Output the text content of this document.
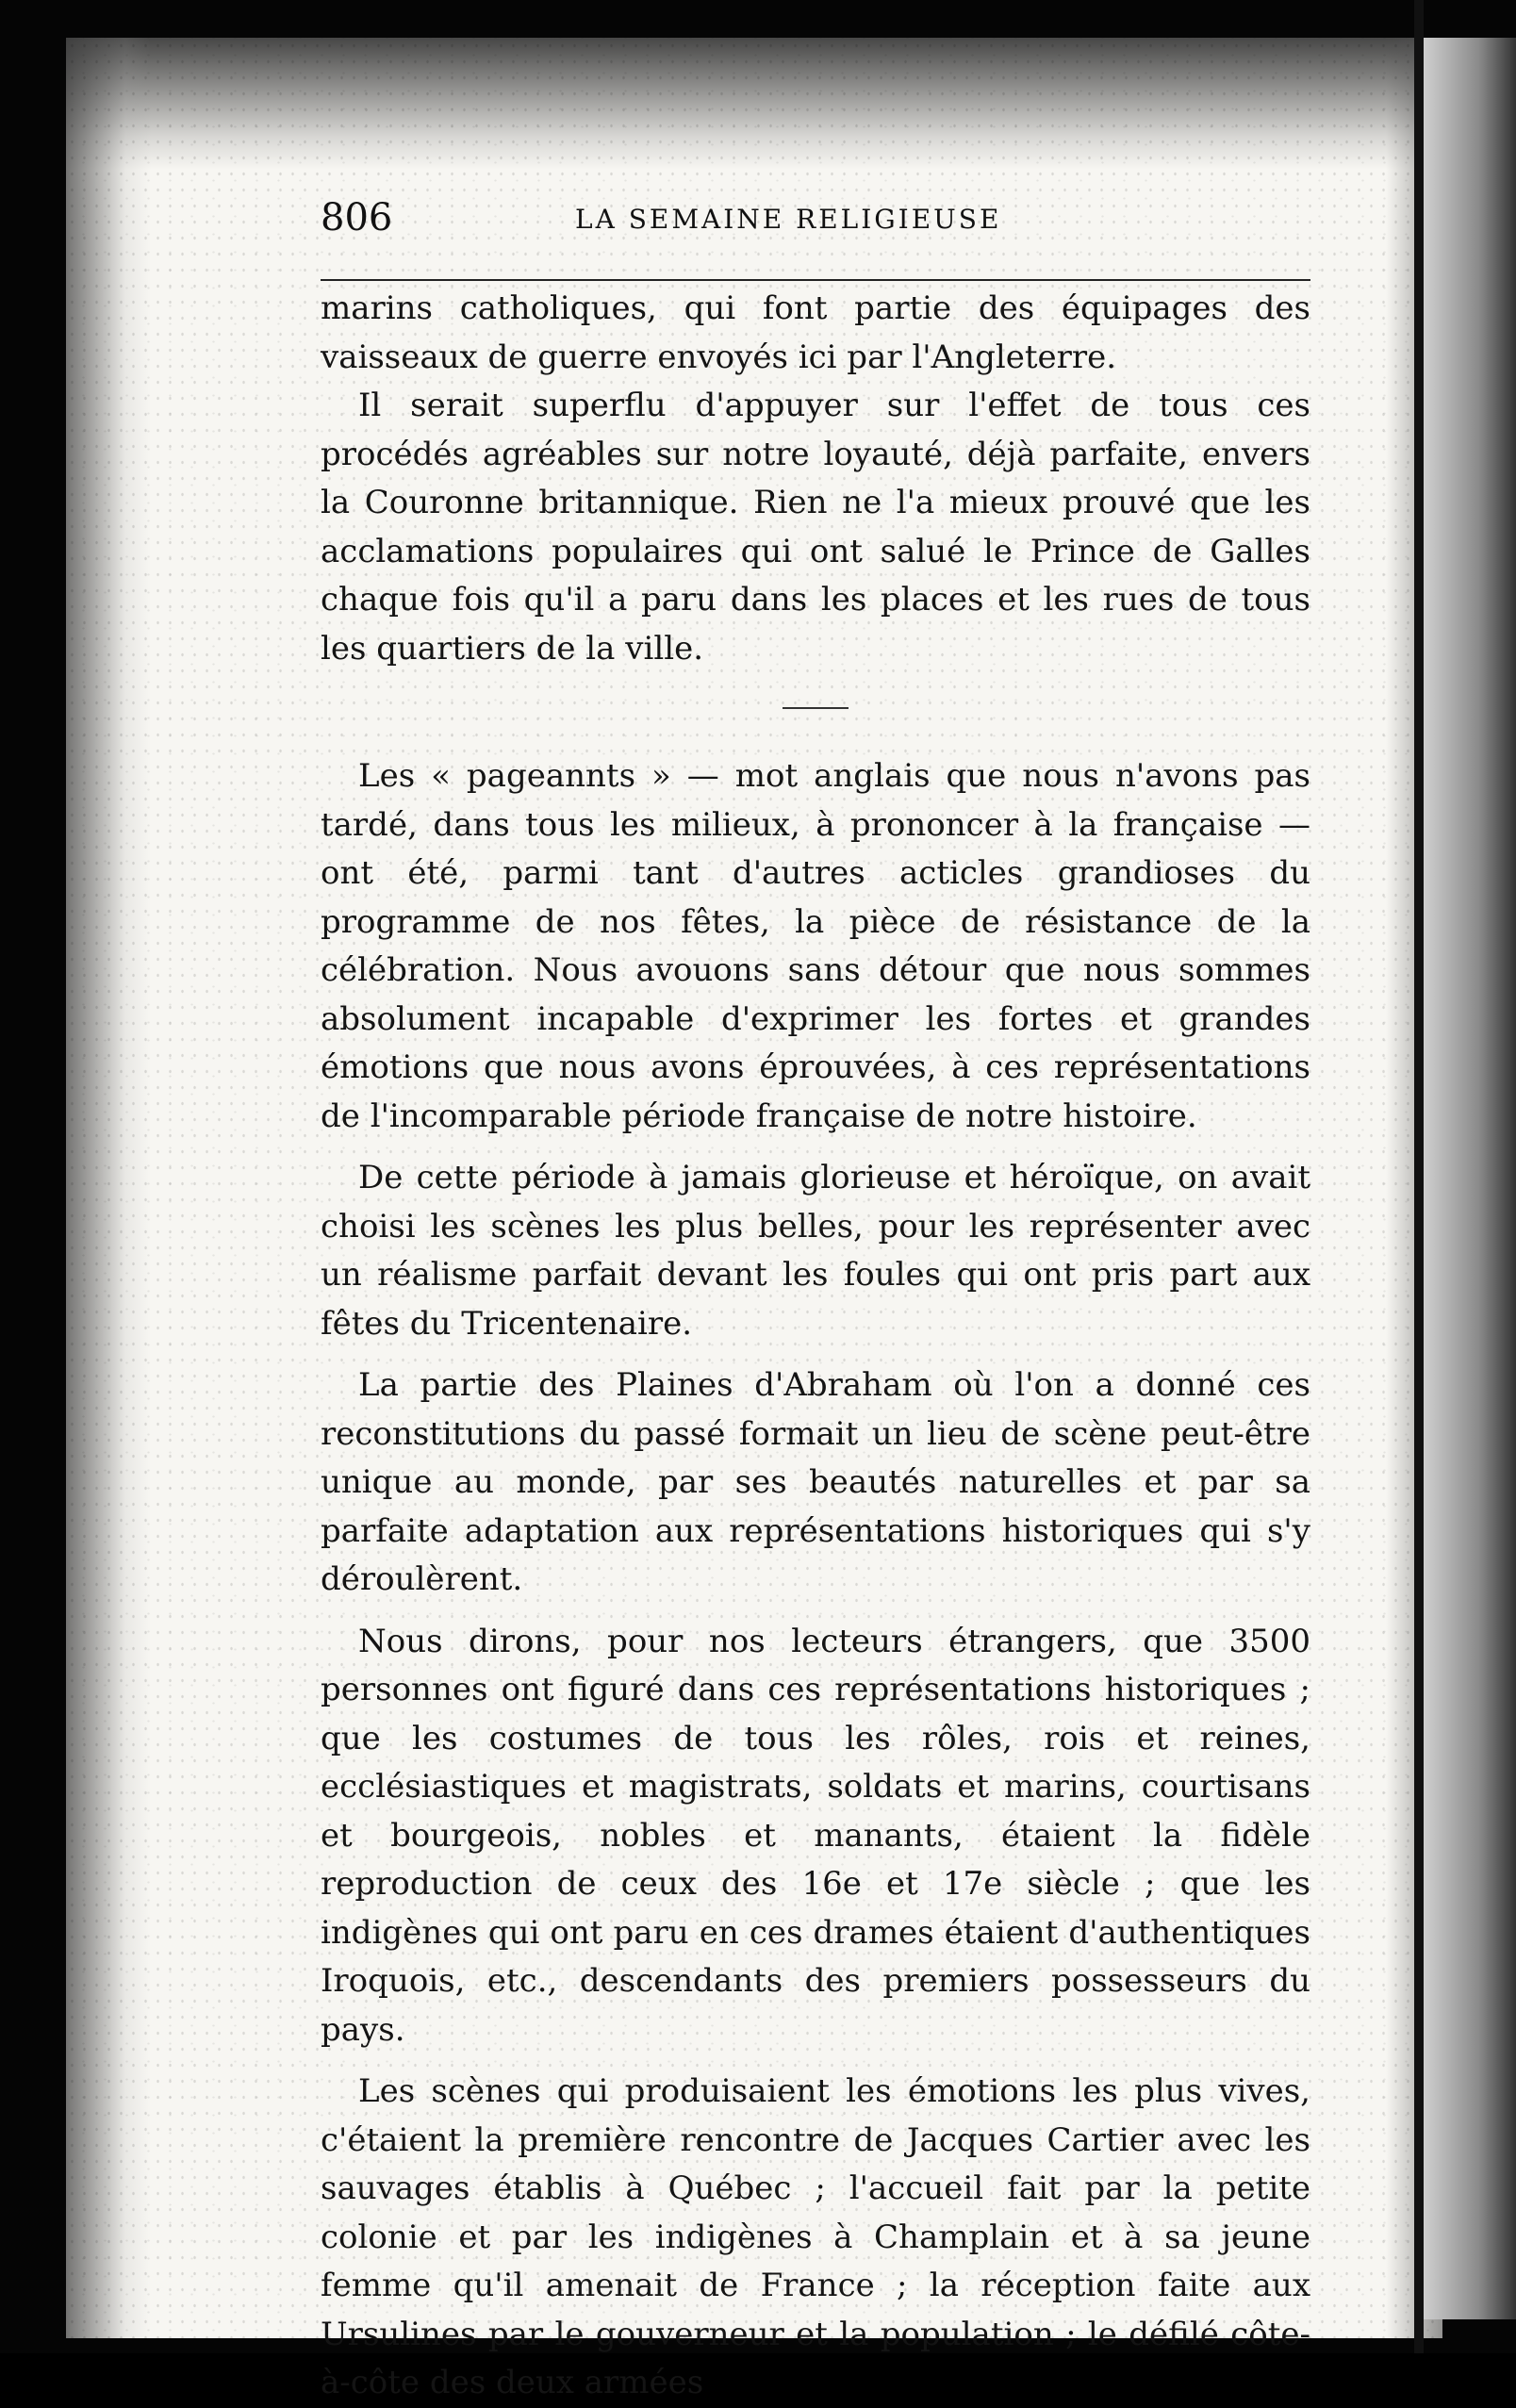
806	LA SEMAINE RELIGIEUSE

marins catholiques, qui font partie des équipages des vaisseaux de guerre envoyés ici par l'Angleterre.

Il serait superflu d'appuyer sur l'effet de tous ces procédés agréables sur notre loyauté, déjà parfaite, envers la Couronne britannique. Rien ne l'a mieux prouvé que les acclamations populaires qui ont salué le Prince de Galles chaque fois qu'il a paru dans les places et les rues de tous les quartiers de la ville.

Les « pageannts » — mot anglais que nous n'avons pas tardé, dans tous les milieux, à prononcer à la française — ont été, parmi tant d'autres acticles grandioses du programme de nos fêtes, la pièce de résistance de la célébration. Nous avouons sans détour que nous sommes absolument incapable d'exprimer les fortes et grandes émotions que nous avons éprouvées, à ces représentations de l'incomparable période française de notre histoire.

De cette période à jamais glorieuse et héroïque, on avait choisi les scènes les plus belles, pour les représenter avec un réalisme parfait devant les foules qui ont pris part aux fêtes du Tricentenaire.

La partie des Plaines d'Abraham où l'on a donné ces reconstitutions du passé formait un lieu de scène peut-être unique au monde, par ses beautés naturelles et par sa parfaite adaptation aux représentations historiques qui s'y déroulèrent.

Nous dirons, pour nos lecteurs étrangers, que 3500 personnes ont figuré dans ces représentations historiques ; que les costumes de tous les rôles, rois et reines, ecclésiastiques et magistrats, soldats et marins, courtisans et bourgeois, nobles et manants, étaient la fidèle reproduction de ceux des 16e et 17e siècle ; que les indigènes qui ont paru en ces drames étaient d'authentiques Iroquois, etc., descendants des premiers possesseurs du pays.

Les scènes qui produisaient les émotions les plus vives, c'étaient la première rencontre de Jacques Cartier avec les sauvages établis à Québec ; l'accueil fait par la petite colonie et par les indigènes à Champlain et à sa jeune femme qu'il amenait de France ; la réception faite aux Ursulines par le gouverneur et la population ; le défilé côte-à-côte des deux armées
